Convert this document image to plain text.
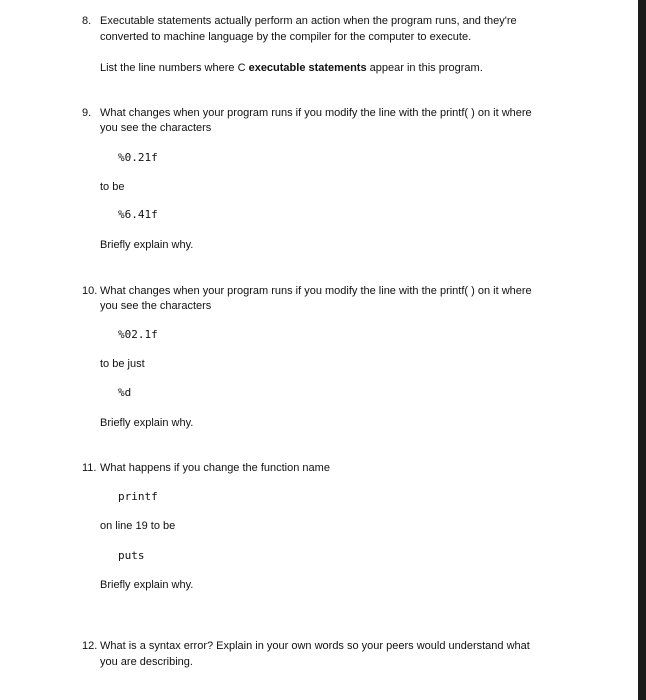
8. Executable statements actually perform an action when the program runs, and they're
converted to machine language by the compiler for the computer to execute.
List the line numbers where C executable statements appear in this program.
9. What changes when your program runs if you modify the line with the printf( ) on it where
you see the characters
%0.21f
to be
%6.41f
Briefly explain why.
10. What changes when your program runs if you modify the line with the printf( ) on it where
you see the characters
%02.1f
to be just
%d
Briefly explain why.
11. What happens if you change the function name
printf
on line 19 to be
puts
Briefly explain why.
12. What is a syntax error? Explain in your own words so your peers would understand what
you are describing.
